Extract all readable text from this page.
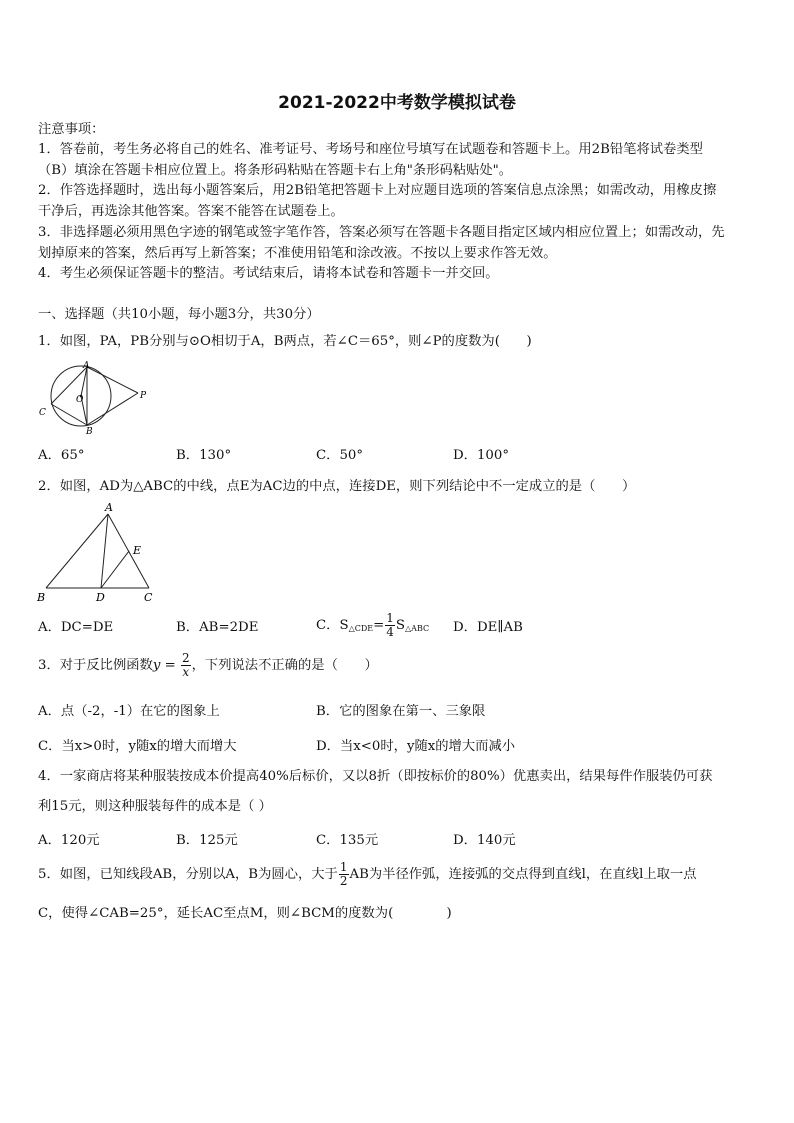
2021-2022中考数学模拟试卷
注意事项：
1．答卷前，考生务必将自己的姓名、准考证号、考场号和座位号填写在试题卷和答题卡上。用2B铅笔将试卷类型
（B）填涂在答题卡相应位置上。将条形码粘贴在答题卡右上角"条形码粘贴处"。
2．作答选择题时，选出每小题答案后，用2B铅笔把答题卡上对应题目选项的答案信息点涂黑；如需改动，用橡皮擦
干净后，再选涂其他答案。答案不能答在试题卷上。
3．非选择题必须用黑色字迹的钢笔或签字笔作答，答案必须写在答题卡各题目指定区域内相应位置上；如需改动，先
划掉原来的答案，然后再写上新答案；不准使用铅笔和涂改液。不按以上要求作答无效。
4．考生必须保证答题卡的整洁。考试结束后，请将本试卷和答题卡一并交回。
一、选择题（共10小题，每小题3分，共30分）
1．如图，PA，PB分别与⊙O相切于A，B两点，若∠C＝65°，则∠P的度数为(　　)
A
O	P
C
B
A．65°	B．130°	C．50°	D．100°
2．如图，AD为△ABC的中线，点E为AC边的中点，连接DE，则下列结论中不一定成立的是（　　）
A
E
B	D	C
A．DC=DE	B．AB=2DE	C．$S_{\triangle CDE}= \frac{1}{4} S_{\triangle ABC}$ D．DE∥AB
3．对于反比例函数$y = \frac{2}{x}$ ，下列说法不正确的是（　　）
A．点（-2，-1）在它的图象上	B．它的图象在第一、三象限
C．当x>0时，y随x的增大而增大	D．当x<0时，y随x的增大而减小
4．一家商店将某种服装按成本价提高40%后标价，又以8折（即按标价的80%）优惠卖出，结果每件作服装仍可获
利15元，则这种服装每件的成本是（ ）
A．120元	B．125元	C．135元	D．140元
5．如图，已知线段AB，分别以A，B为圆心，大于 $\frac{1}{2}$ AB为半径作弧，连接弧的交点得到直线l，在直线l上取一点
C，使得∠CAB=25°，延长AC至点M，则∠BCM的度数为(　　　　)
